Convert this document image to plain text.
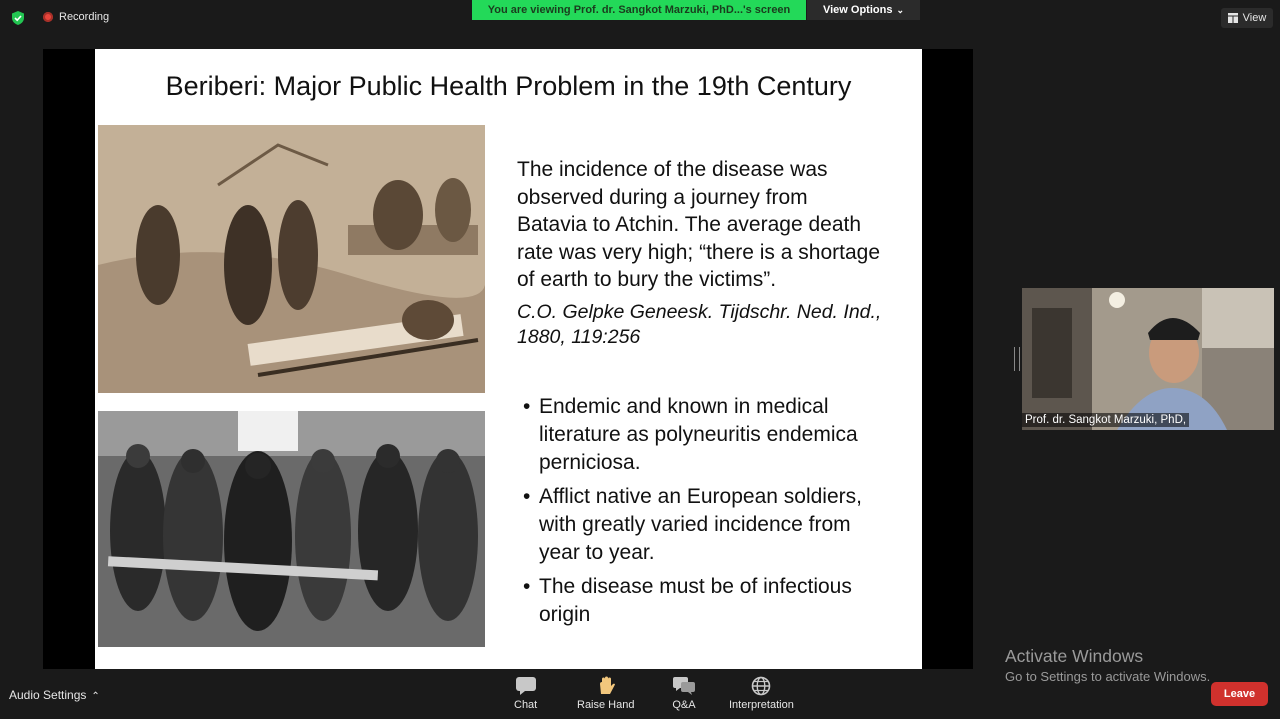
Recording
You are viewing Prof. dr. Sangkot Marzuki, PhD...'s screen	View Options ⌄
View
Beriberi: Major Public Health Problem in the 19th Century
The incidence of the disease was
observed during a journey from
Batavia to Atchin. The average death
rate was very high; “there is a shortage
of earth to bury the victims”.
C.O. Gelpke Geneesk. Tijdschr. Ned. Ind.,
1880, 119:256
• Endemic and known in medical
literature as polyneuritis endemica
perniciosa.
• Afflict native an European soldiers,
with greatly varied incidence from
year to year.
• The disease must be of infectious
origin
Prof. dr. Sangkot Marzuki, PhD,
Activate Windows
Go to Settings to activate Windows.
Audio Settings ⌃
Chat	Raise Hand	Q&A	Interpretation
Leave
